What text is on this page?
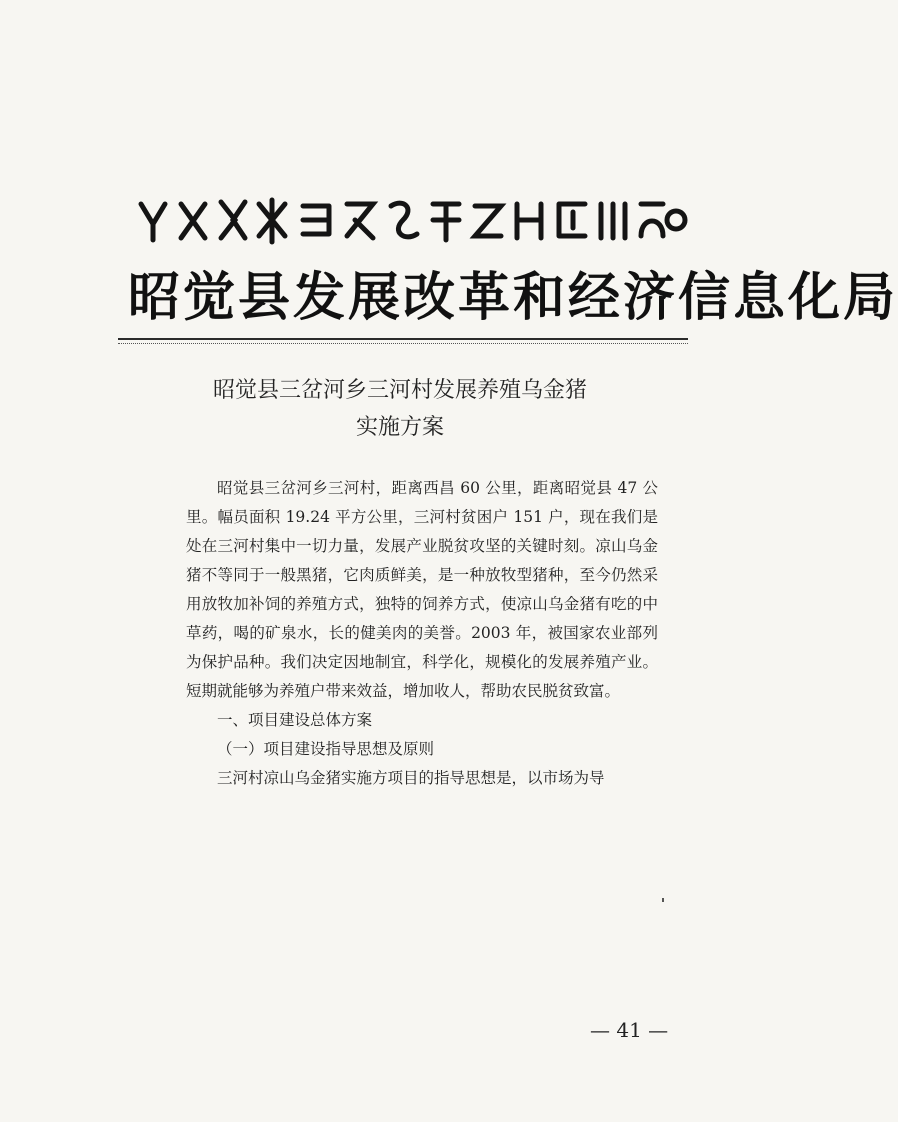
昭觉县发展改革和经济信息化局
昭觉县三岔河乡三河村发展养殖乌金猪
实施方案

昭觉县三岔河乡三河村，距离西昌 60 公里，距离昭觉县 47 公里。幅员面积 19.24 平方公里，三河村贫困户 151 户，现在我们是处在三河村集中一切力量，发展产业脱贫攻坚的关键时刻。凉山乌金猪不等同于一般黑猪，它肉质鲜美，是一种放牧型猪种，至今仍然采用放牧加补饲的养殖方式，独特的饲养方式，使凉山乌金猪有吃的中草药，喝的矿泉水，长的健美肉的美誉。2003 年，被国家农业部列为保护品种。我们决定因地制宜，科学化，规模化的发展养殖产业。短期就能够为养殖户带来效益，增加收人，帮助农民脱贫致富。

一、项目建设总体方案

（一）项目建设指导思想及原则

三河村凉山乌金猪实施方项目的指导思想是，以市场为导

— 41 —
